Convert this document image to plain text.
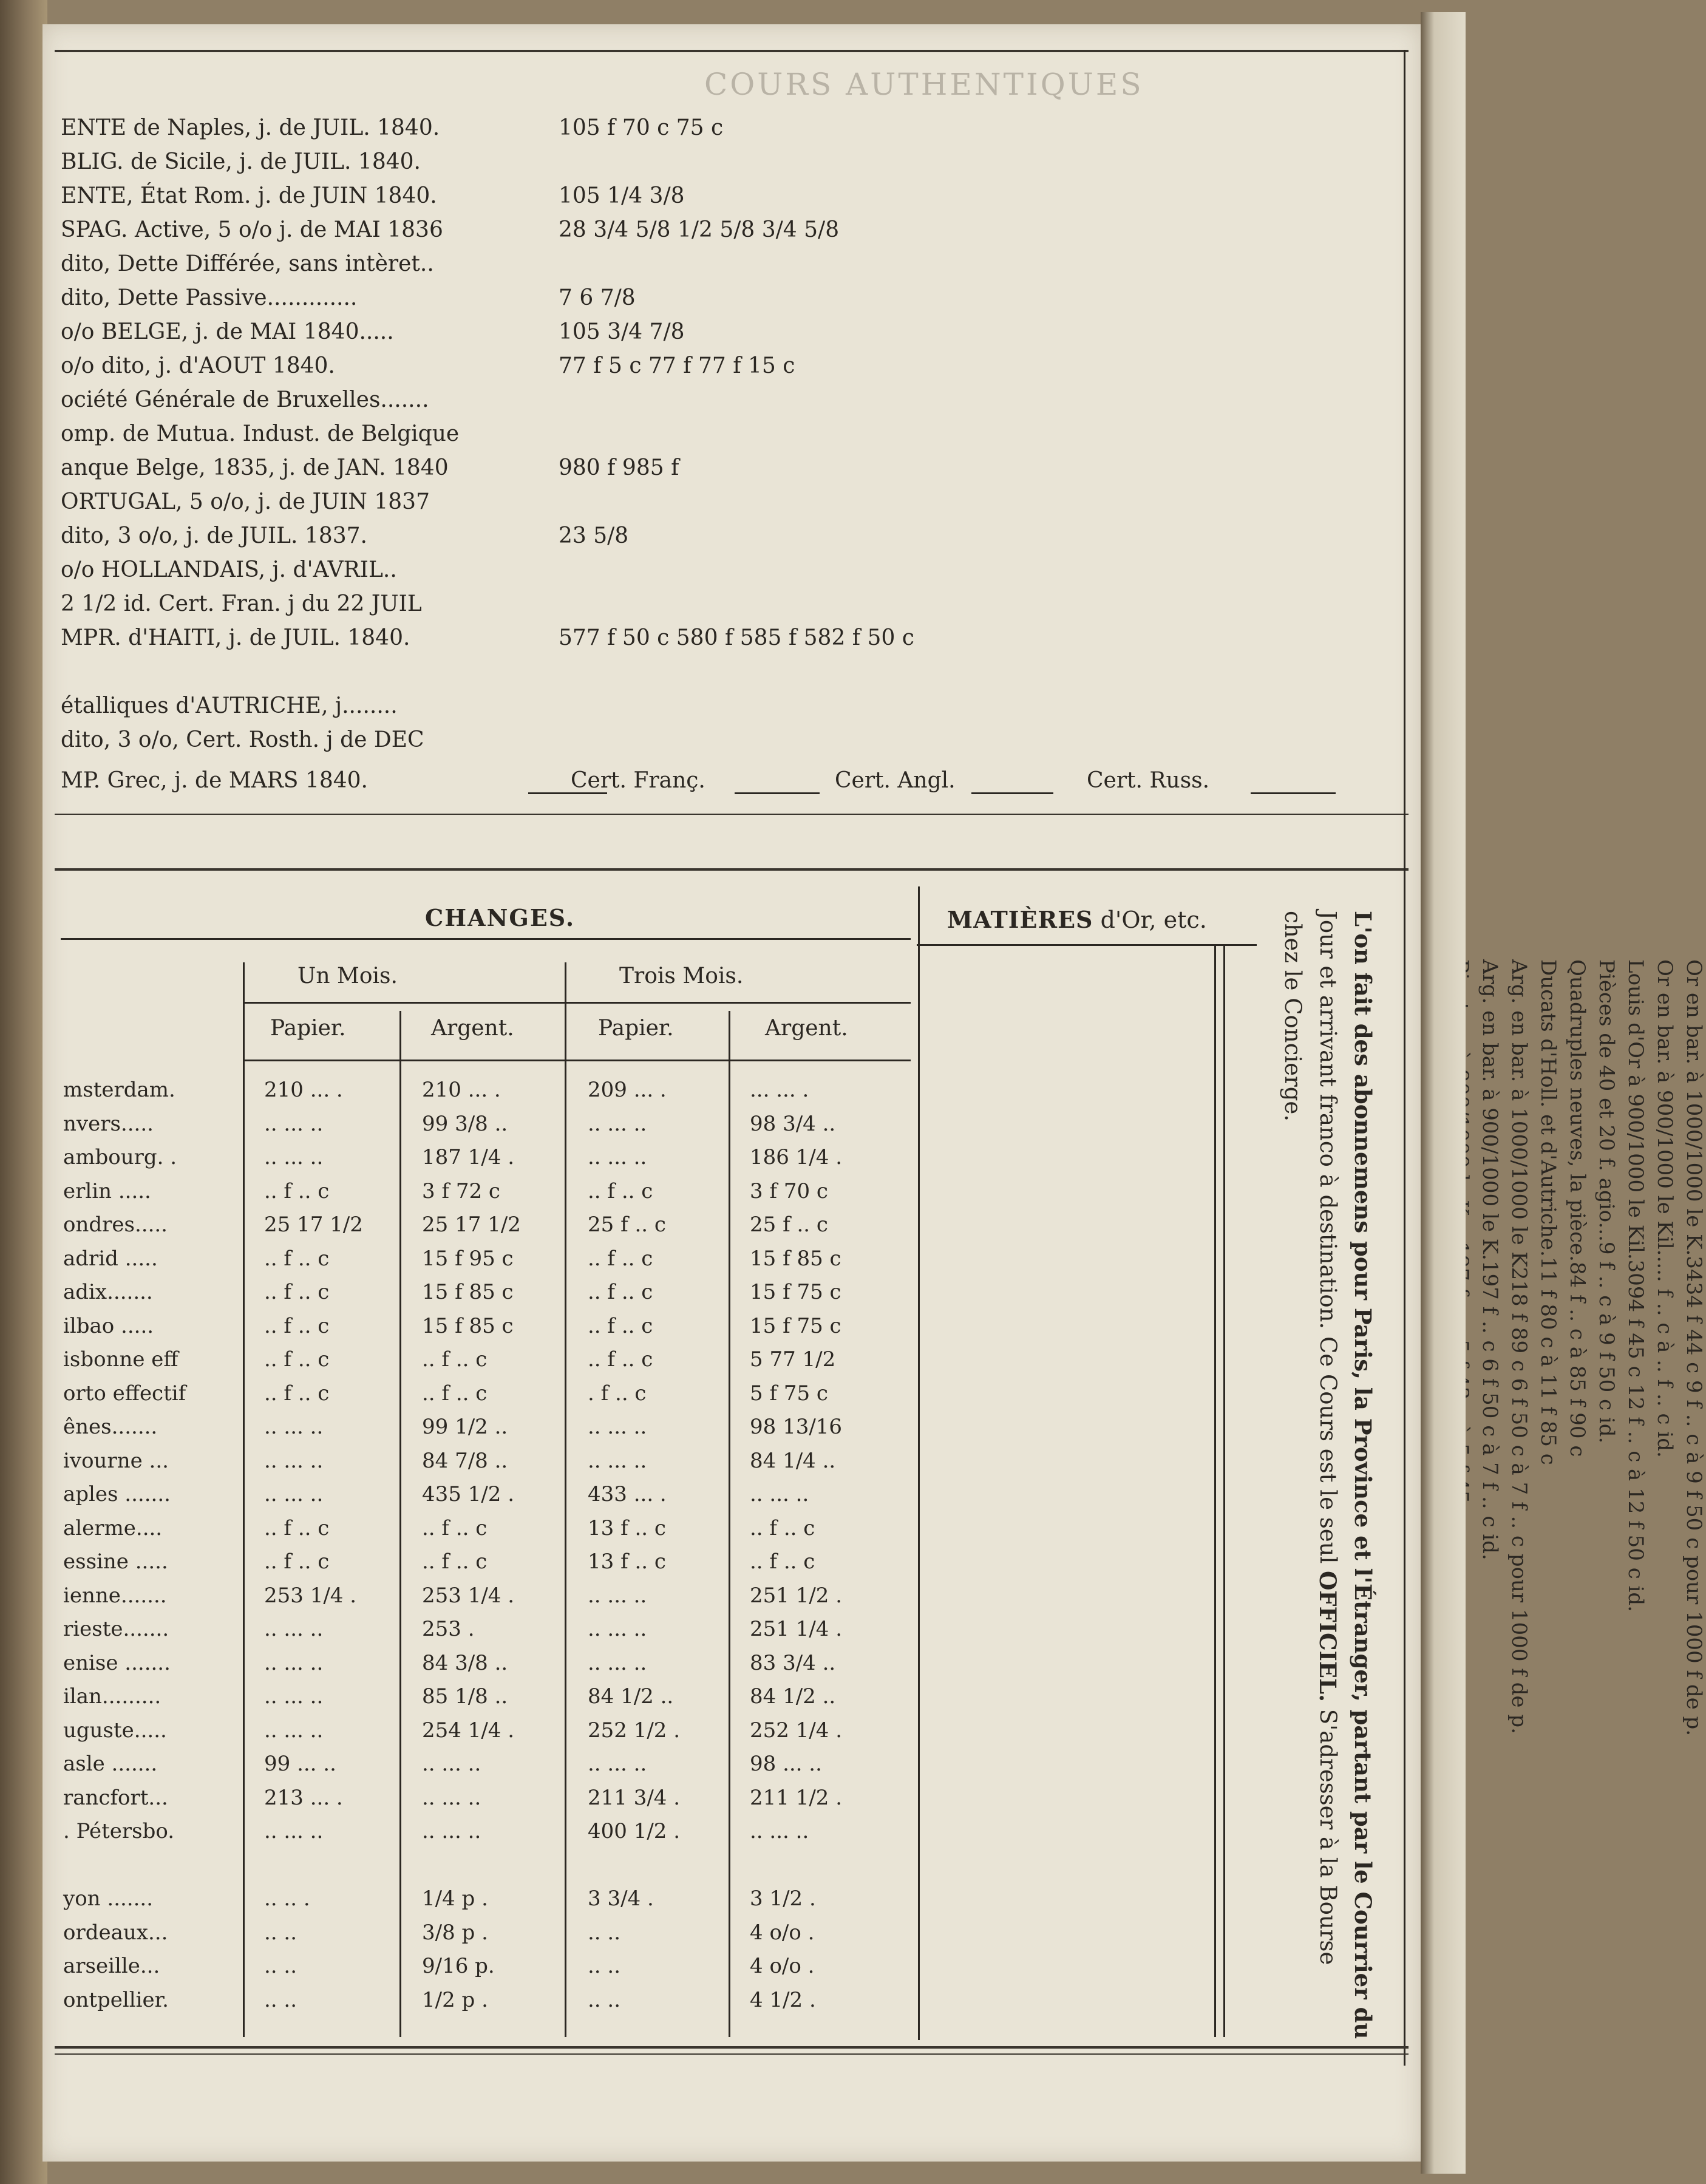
COURS AUTHENTIQUES
ENTE de Naples, j. de JUIL. 1840.	105 f 70 c 75 c
BLIG. de Sicile, j. de JUIL. 1840.
ENTE, État Rom. j. de JUIN 1840.	105 1/4 3/8
SPAG. Active, 5 o/o j. de MAI 1836	28 3/4 5/8 1/2 5/8 3/4 5/8
dito, Dette Différée, sans intèret..
dito, Dette Passive.............	7 6 7/8
o/o BELGE, j. de MAI 1840.....	105 3/4 7/8
o/o dito, j. d'AOUT 1840.	77 f 5 c 77 f 77 f 15 c
ociété Générale de Bruxelles.......
omp. de Mutua. Indust. de Belgique
anque Belge, 1835, j. de JAN. 1840	980 f 985 f
ORTUGAL, 5 o/o, j. de JUIN 1837
dito, 3 o/o, j. de JUIL. 1837.	23 5/8
o/o HOLLANDAIS, j. d'AVRIL..
2 1/2 id. Cert. Fran. j du 22 JUIL
MPR. d'HAITI, j. de JUIL. 1840.	577 f 50 c 580 f 585 f 582 f 50 c
étalliques d'AUTRICHE, j........
dito, 3 o/o, Cert. Rosth. j de DEC
MP. Grec, j. de MARS 1840.	Cert. Franç.	Cert. Angl.	Cert. Russ.
CHANGES.
Un Mois.	Trois Mois.
Papier.	Argent.	Papier.	Argent.
msterdam.	210 ... .	210 ... .	209 ... .	... ... .
nvers.....	.. ... ..	99 3/8 ..	.. ... ..	98 3/4 ..
ambourg. .	.. ... ..	187 1/4 .	.. ... ..	186 1/4 .
erlin .....	.. f .. c	3 f 72 c	.. f .. c	3 f 70 c
ondres.....	25 17 1/2	25 17 1/2	25 f .. c	25 f .. c
adrid .....	.. f .. c	15 f 95 c	.. f .. c	15 f 85 c
adix.......	.. f .. c	15 f 85 c	.. f .. c	15 f 75 c
ilbao .....	.. f .. c	15 f 85 c	.. f .. c	15 f 75 c
isbonne eff	.. f .. c	.. f .. c	.. f .. c	5 77 1/2
orto effectif	.. f .. c	.. f .. c	. f .. c	5 f 75 c
ênes.......	.. ... ..	99 1/2 ..	.. ... ..	98 13/16
ivourne ...	.. ... ..	84 7/8 ..	.. ... ..	84 1/4 ..
aples .......	.. ... ..	435 1/2 .	433 ... .	.. ... ..
alerme....	.. f .. c	.. f .. c	13 f .. c	.. f .. c
essine .....	.. f .. c	.. f .. c	13 f .. c	.. f .. c
ienne.......	253 1/4 .	253 1/4 .	.. ... ..	251 1/2 .
rieste.......	.. ... ..	253 .	.. ... ..	251 1/4 .
enise .......	.. ... ..	84 3/8 ..	.. ... ..	83 3/4 ..
ilan.........	.. ... ..	85 1/8 ..	84 1/2 ..	84 1/2 ..
uguste.....	.. ... ..	254 1/4 .	252 1/2 .	252 1/4 .
asle .......	99 ... ..	.. ... ..	.. ... ..	98 ... ..
rancfort...	213 ... .	.. ... ..	211 3/4 .	211 1/2 .
. Pétersbo.	.. ... ..	.. ... ..	400 1/2 .	.. ... ..
yon .......	.. .. .	1/4 p .	3 3/4 .	3 1/2 .
ordeaux...	.. ..	3/8 p .	.. ..	4 o/o .
arseille...	.. ..	9/16 p.	.. ..	4 o/o .
ontpellier.	.. ..	1/2 p .	.. ..	4 1/2 .
MATIÈRES d'Or, etc.
Or en bar. à 1000/1000 le K.3434 f 44 c 9 f .. c à 9 f 50 c pour 1000 f de p.
Or en bar. à 900/1000 le Kil..... f .. c à .. f .. c id.
Louis d'Or à 900/1000 le Kil.3094 f 45 c 12 f .. c à 12 f 50 c id.
Pièces de 40 et 20 f. agio...9 f .. c à 9 f 50 c id.
Quadruples neuves, la pièce.84 f .. c à 85 f 90 c
Ducats d'Holl. et d'Autriche.11 f 80 c à 11 f 85 c
Arg. en bar. à 1000/1000 le K218 f 89 c 6 f 50 c à 7 f .. c pour 1000 f de p.
Arg. en bar. à 900/1000 le K.197 f .. c 6 f 50 c à 7 f .. c id.
L'on fait des abonnemens pour Paris, la Province et l'Étranger, partant par le Courrier du
Jour et arrivant franco à destination. Ce Cours est le seul OFFICIEL. S'adresser à la Bourse
chez le Concierge.
